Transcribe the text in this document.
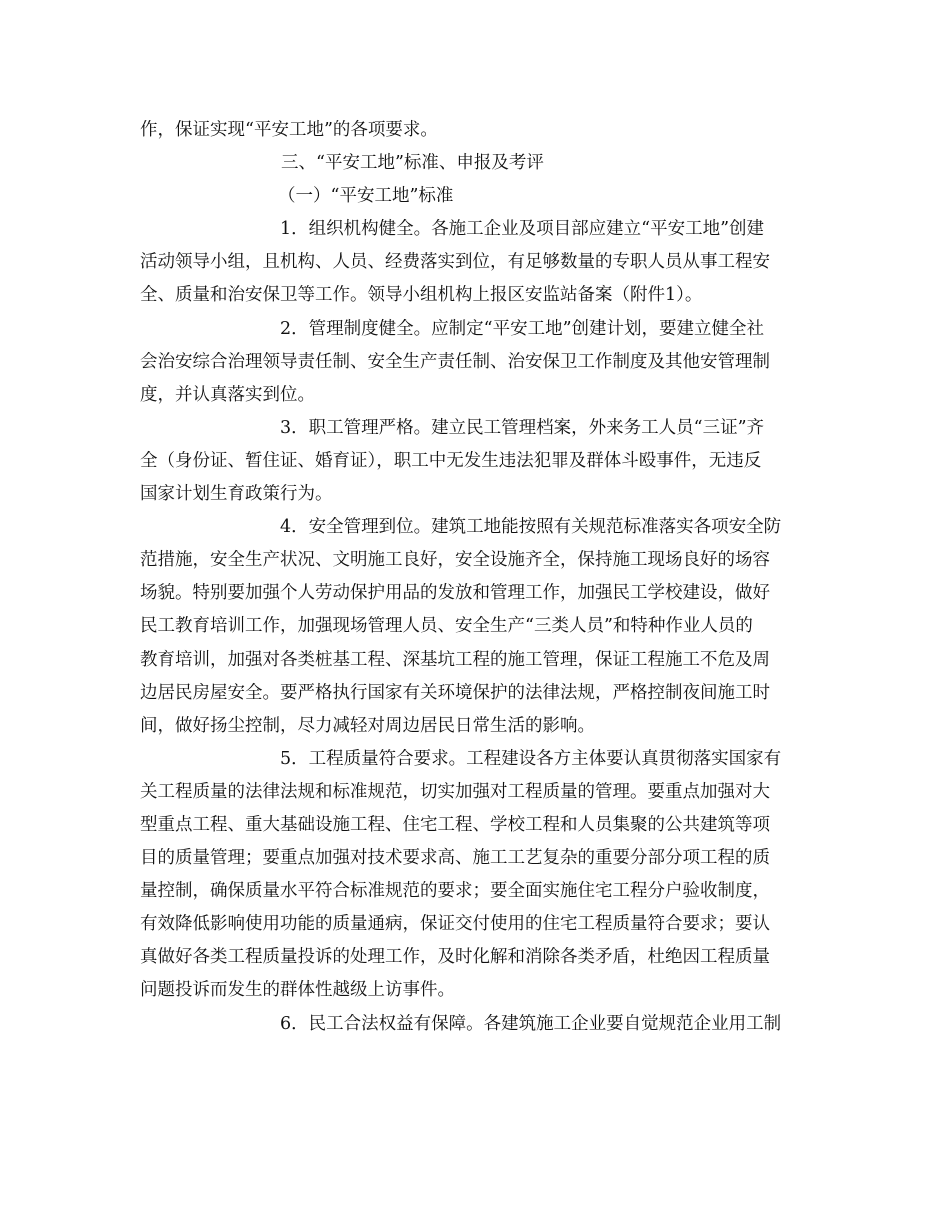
作，保证实现“平安工地”的各项要求。
三、“平安工地”标准、申报及考评
（一）“平安工地”标准
1．组织机构健全。各施工企业及项目部应建立“平安工地”创建
活动领导小组，且机构、人员、经费落实到位，有足够数量的专职人员从事工程安
全、质量和治安保卫等工作。领导小组机构上报区安监站备案（附件1）。
2．管理制度健全。应制定“平安工地”创建计划，要建立健全社
会治安综合治理领导责任制、安全生产责任制、治安保卫工作制度及其他安管理制
度，并认真落实到位。
3．职工管理严格。建立民工管理档案，外来务工人员“三证”齐
全（身份证、暂住证、婚育证），职工中无发生违法犯罪及群体斗殴事件，无违反
国家计划生育政策行为。
4．安全管理到位。建筑工地能按照有关规范标准落实各项安全防
范措施，安全生产状况、文明施工良好，安全设施齐全，保持施工现场良好的场容
场貌。特别要加强个人劳动保护用品的发放和管理工作，加强民工学校建设，做好
民工教育培训工作，加强现场管理人员、安全生产“三类人员”和特种作业人员的
教育培训，加强对各类桩基工程、深基坑工程的施工管理，保证工程施工不危及周
边居民房屋安全。要严格执行国家有关环境保护的法律法规，严格控制夜间施工时
间，做好扬尘控制，尽力减轻对周边居民日常生活的影响。
5．工程质量符合要求。工程建设各方主体要认真贯彻落实国家有
关工程质量的法律法规和标准规范，切实加强对工程质量的管理。要重点加强对大
型重点工程、重大基础设施工程、住宅工程、学校工程和人员集聚的公共建筑等项
目的质量管理；要重点加强对技术要求高、施工工艺复杂的重要分部分项工程的质
量控制，确保质量水平符合标准规范的要求；要全面实施住宅工程分户验收制度，
有效降低影响使用功能的质量通病，保证交付使用的住宅工程质量符合要求；要认
真做好各类工程质量投诉的处理工作，及时化解和消除各类矛盾，杜绝因工程质量
问题投诉而发生的群体性越级上访事件。
6．民工合法权益有保障。各建筑施工企业要自觉规范企业用工制
